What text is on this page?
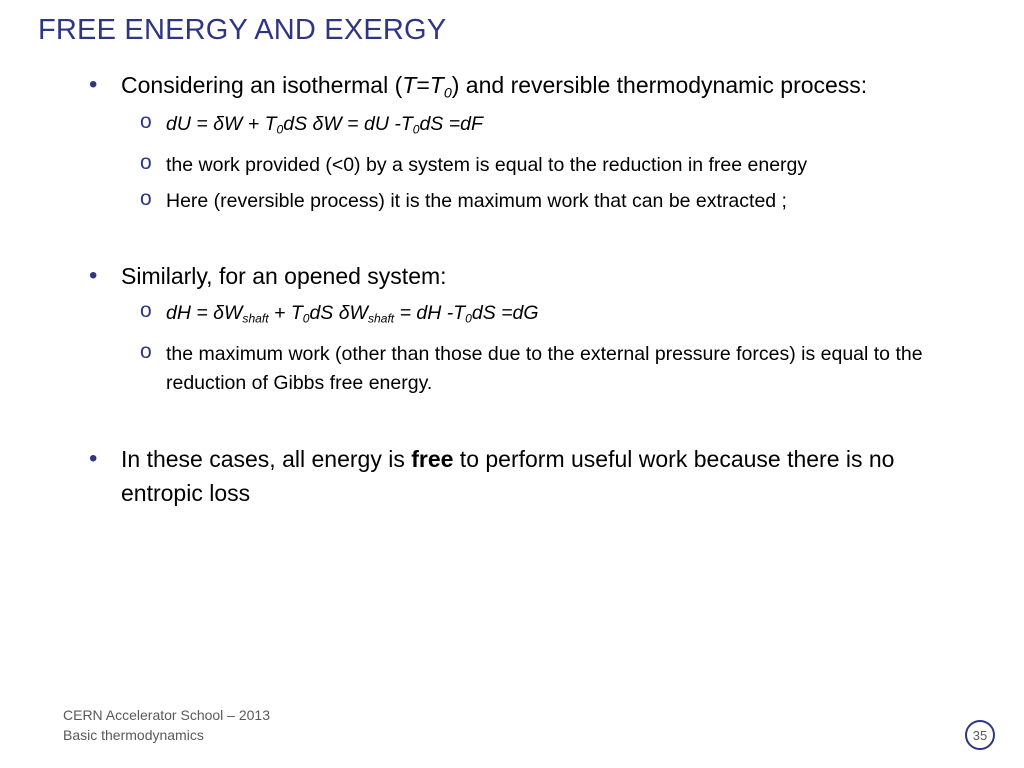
FREE ENERGY AND EXERGY
• Considering an isothermal $(T=T_0)$ and reversible thermodynamic process:
o dU = $\delta W + T_0dS$ δW = dU $-T_0dS =dF$
o the work provided (<0) by a system is equal to the reduction in free energy
o Here (reversible process) it is the maximum work that can be extracted ;
• Similarly, for an opened system:
o dH = $\delta W_{shaft} + T_0dS$ $\delta W_{shaft}$ = dH $-T_0dS =dG$
o the maximum work (other than those due to the external pressure forces) is equal to the reduction of Gibbs free energy.
• In these cases, all energy is free to perform useful work because there is no entropic loss
CERN Accelerator School – 2013
Basic thermodynamics	35
